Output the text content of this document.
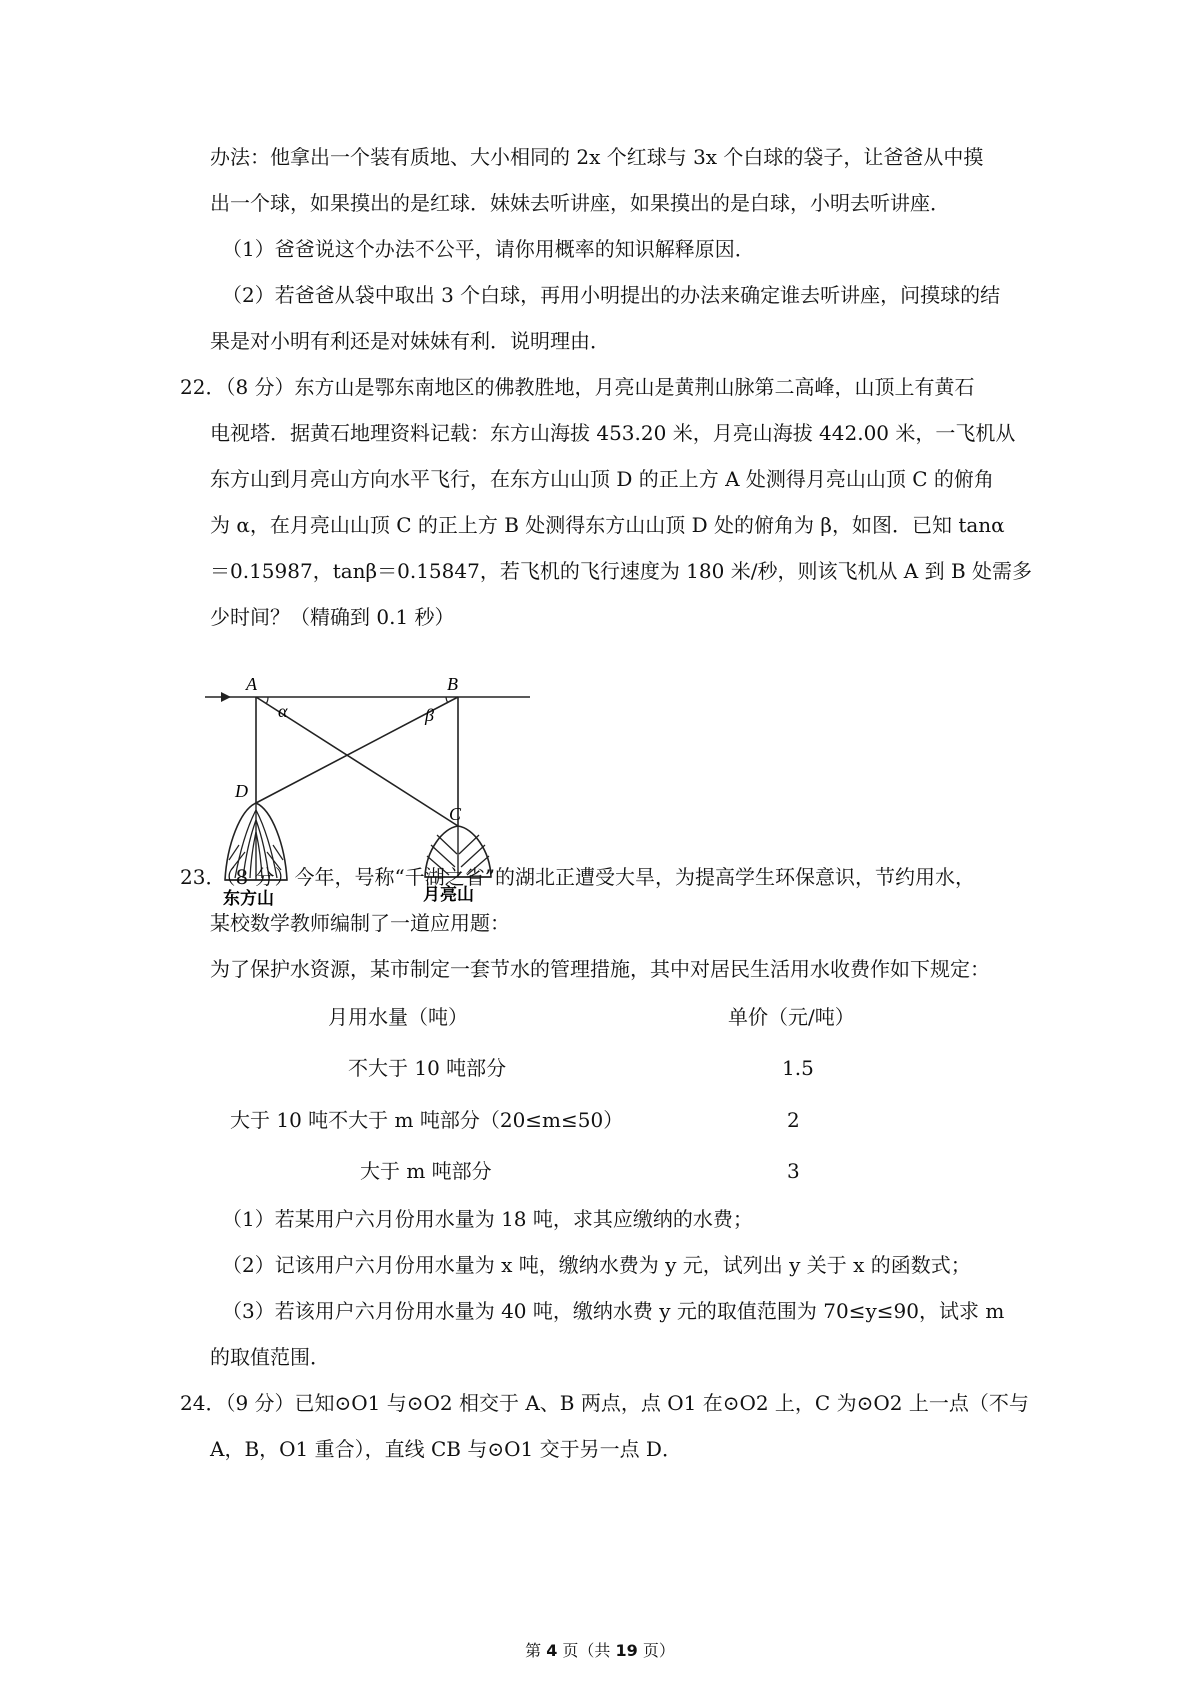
办法：他拿出一个装有质地、大小相同的 2x 个红球与 3x 个白球的袋子，让爸爸从中摸
出一个球，如果摸出的是红球．妹妹去听讲座，如果摸出的是白球，小明去听讲座．
（1）爸爸说这个办法不公平，请你用概率的知识解释原因．
（2）若爸爸从袋中取出 3 个白球，再用小明提出的办法来确定谁去听讲座，问摸球的结
果是对小明有利还是对妹妹有利．说明理由．
22．（8 分）东方山是鄂东南地区的佛教胜地，月亮山是黄荆山脉第二高峰，山顶上有黄石
电视塔．据黄石地理资料记载：东方山海拔 453.20 米，月亮山海拔 442.00 米，一飞机从
东方山到月亮山方向水平飞行，在东方山山顶 D 的正上方 A 处测得月亮山山顶 C 的俯角
为 α，在月亮山山顶 C 的正上方 B 处测得东方山山顶 D 处的俯角为 β，如图．已知 tanα
＝0.15987，tanβ＝0.15847，若飞机的飞行速度为 180 米/秒，则该飞机从 A 到 B 处需多
少时间？（精确到 0.1 秒）
A	B
C
D
α	β
东方山	月亮山
23．（8 分）今年，号称“千湖之省”的湖北正遭受大旱，为提高学生环保意识，节约用水，
某校数学教师编制了一道应用题：
为了保护水资源，某市制定一套节水的管理措施，其中对居民生活用水收费作如下规定：
月用水量（吨）	单价（元/吨）
不大于 10 吨部分	1.5
大于 10 吨不大于 m 吨部分（20≤m≤50）	2
大于 m 吨部分	3
（1）若某用户六月份用水量为 18 吨，求其应缴纳的水费；
（2）记该用户六月份用水量为 x 吨，缴纳水费为 y 元，试列出 y 关于 x 的函数式；
（3）若该用户六月份用水量为 40 吨，缴纳水费 y 元的取值范围为 70≤y≤90，试求 m
的取值范围．
24．（9 分）已知⊙O1 与⊙O2 相交于 A、B 两点，点 O1 在⊙O2 上，C 为⊙O2 上一点（不与
A，B，O1 重合），直线 CB 与⊙O1 交于另一点 D．
第 4 页（共 19 页）
